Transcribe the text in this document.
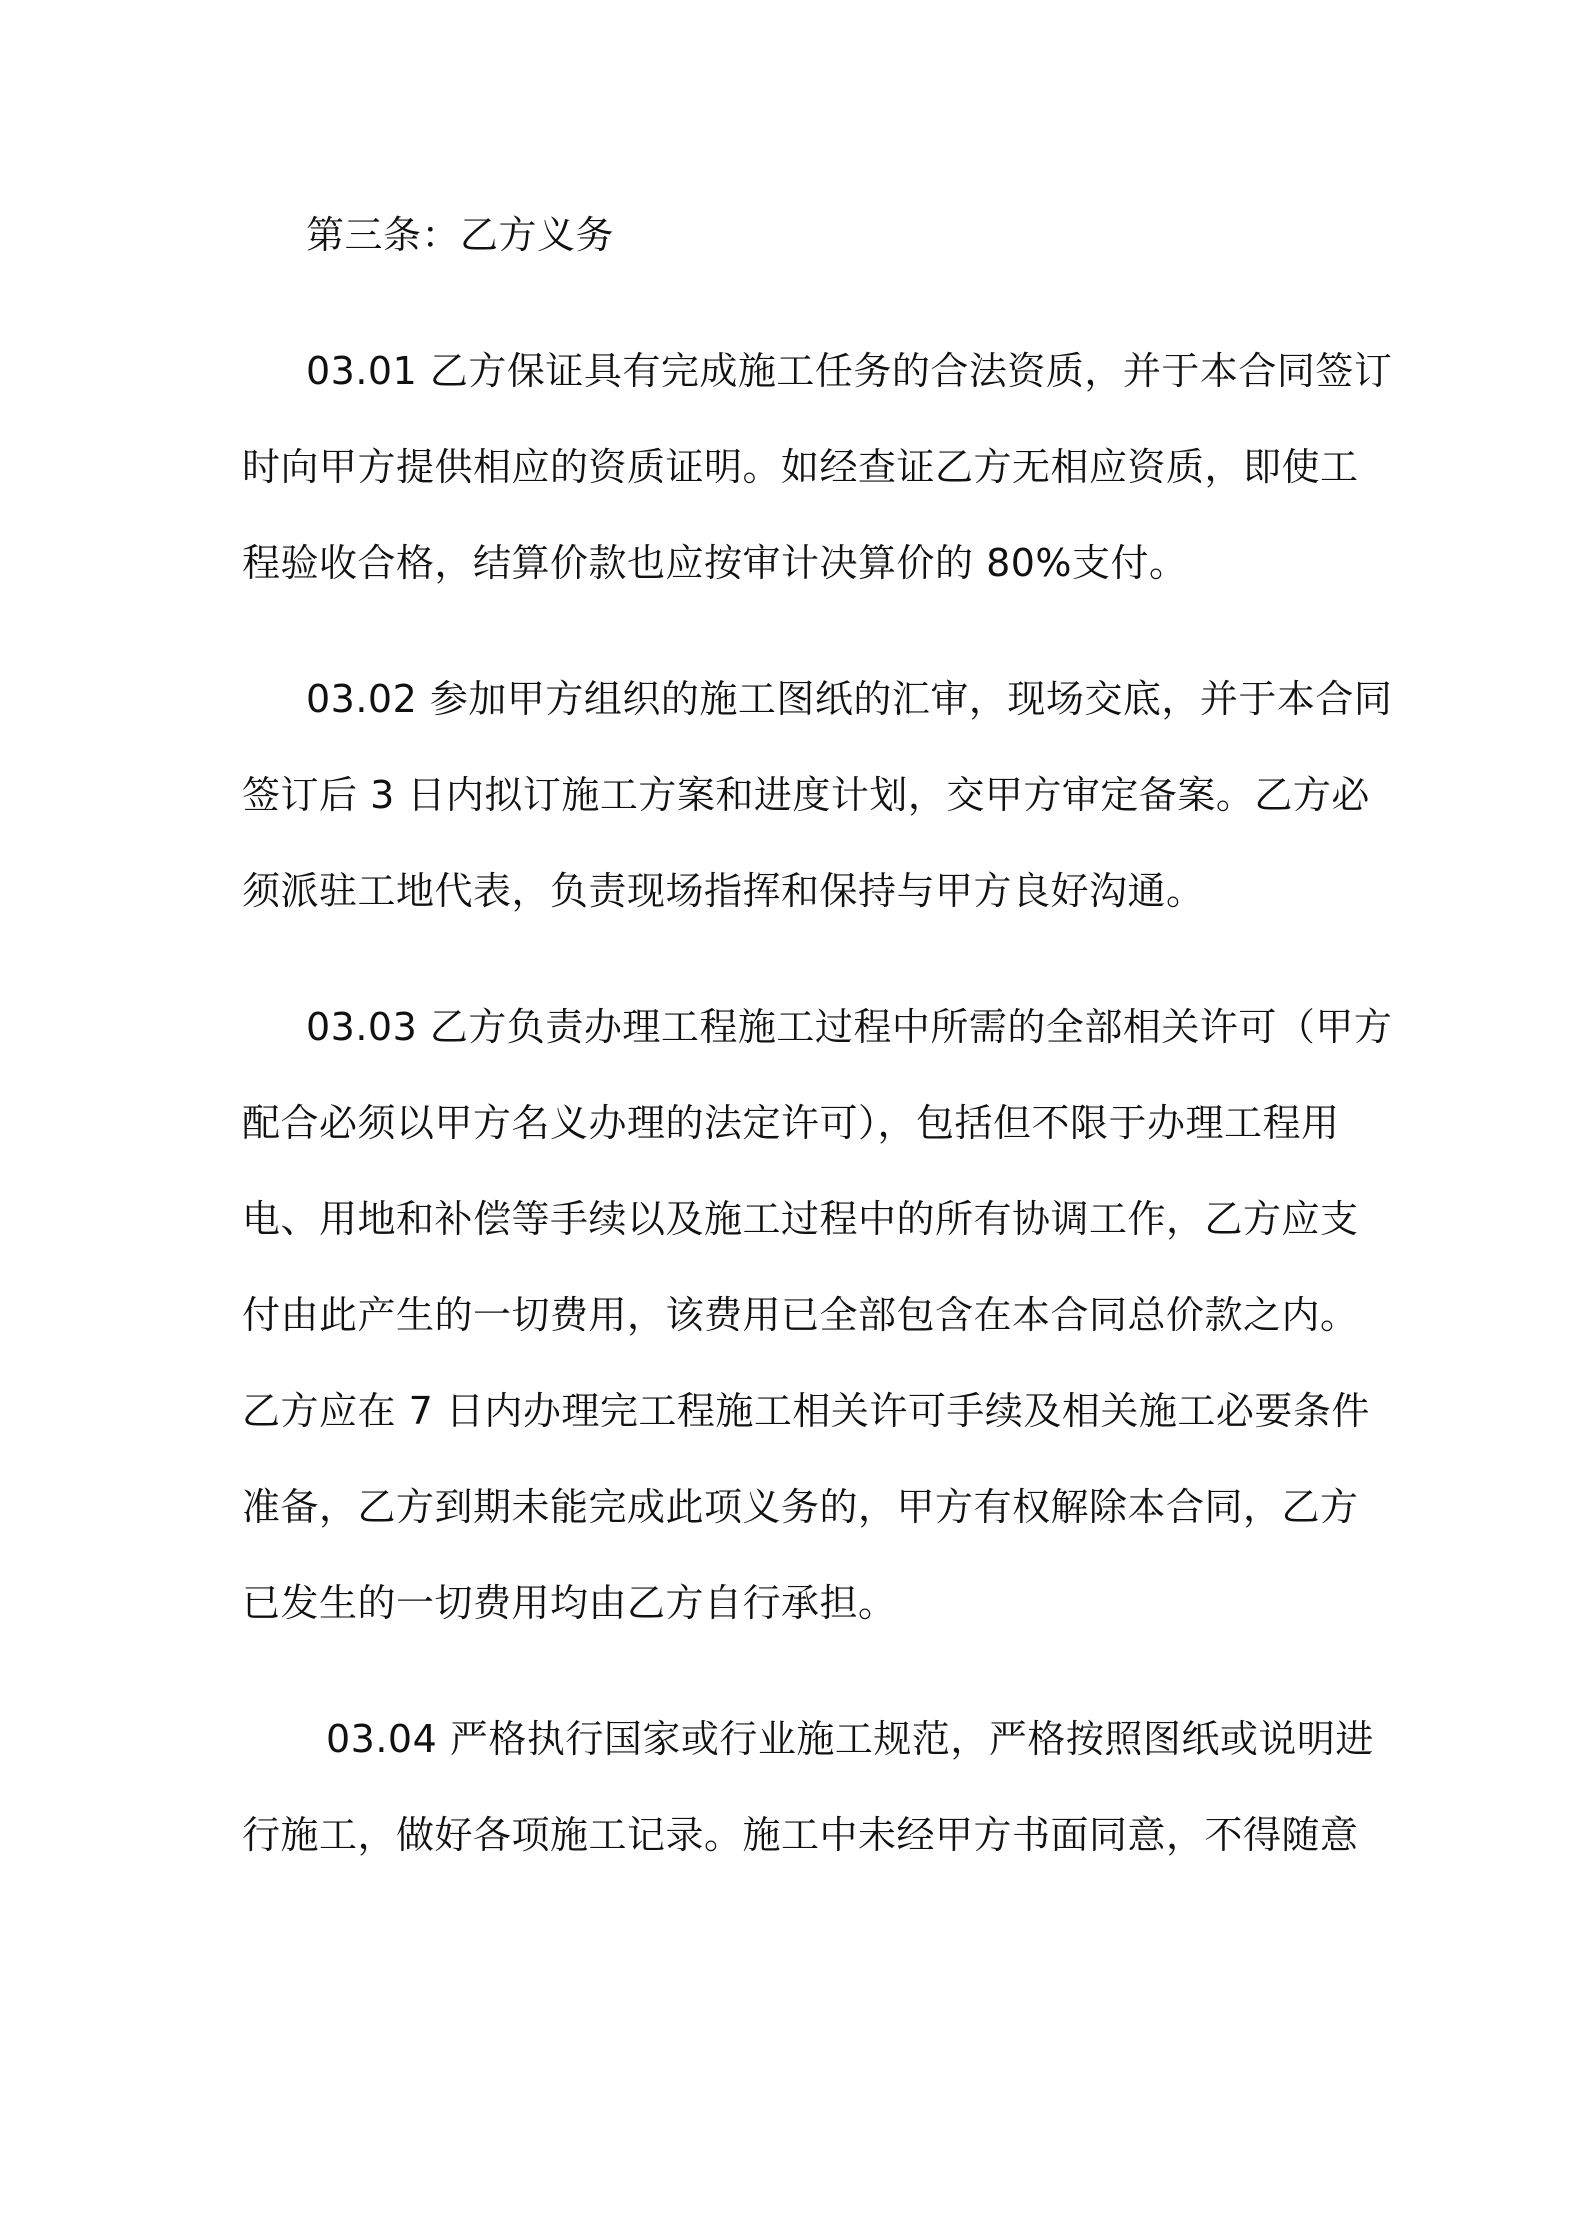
第三条：乙方义务
03.01 乙方保证具有完成施工任务的合法资质，并于本合同签订
时向甲方提供相应的资质证明。如经查证乙方无相应资质，即使工
程验收合格，结算价款也应按审计决算价的 80%支付。
03.02 参加甲方组织的施工图纸的汇审，现场交底，并于本合同
签订后 3 日内拟订施工方案和进度计划，交甲方审定备案。乙方必
须派驻工地代表，负责现场指挥和保持与甲方良好沟通。
03.03 乙方负责办理工程施工过程中所需的全部相关许可（甲方
配合必须以甲方名义办理的法定许可），包括但不限于办理工程用
电、用地和补偿等手续以及施工过程中的所有协调工作，乙方应支
付由此产生的一切费用，该费用已全部包含在本合同总价款之内。
乙方应在 7 日内办理完工程施工相关许可手续及相关施工必要条件
准备，乙方到期未能完成此项义务的，甲方有权解除本合同，乙方
已发生的一切费用均由乙方自行承担。
03.04 严格执行国家或行业施工规范，严格按照图纸或说明进
行施工，做好各项施工记录。施工中未经甲方书面同意，不得随意
